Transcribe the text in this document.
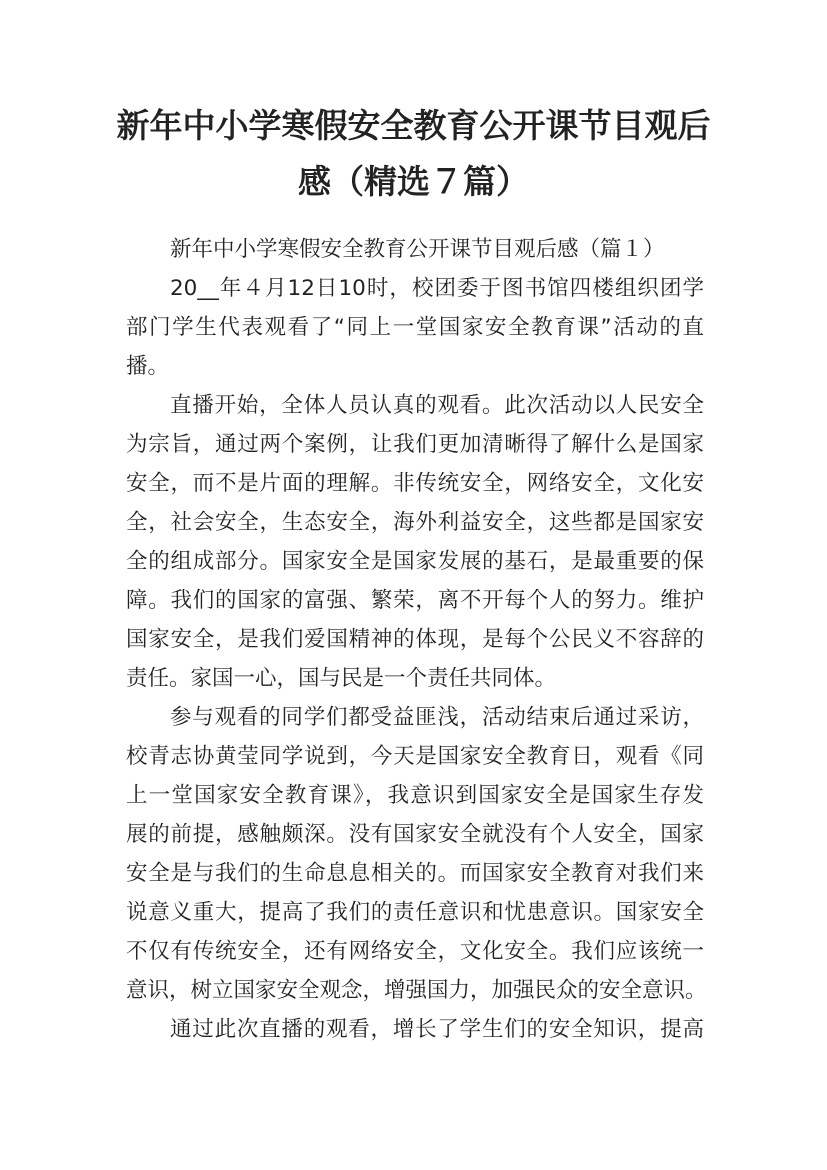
新年中小学寒假安全教育公开课节目观后
感（精选７篇）
新年中小学寒假安全教育公开课节目观后感（篇１）
20__年４月12日10时，校团委于图书馆四楼组织团学
部门学生代表观看了“同上一堂国家安全教育课”活动的直
播。
直播开始，全体人员认真的观看。此次活动以人民安全
为宗旨，通过两个案例，让我们更加清晰得了解什么是国家
安全，而不是片面的理解。非传统安全，网络安全，文化安
全，社会安全，生态安全，海外利益安全，这些都是国家安
全的组成部分。国家安全是国家发展的基石，是最重要的保
障。我们的国家的富强、繁荣，离不开每个人的努力。维护
国家安全，是我们爱国精神的体现，是每个公民义不容辞的
责任。家国一心，国与民是一个责任共同体。
参与观看的同学们都受益匪浅，活动结束后通过采访，
校青志协黄莹同学说到，今天是国家安全教育日，观看《同
上一堂国家安全教育课》，我意识到国家安全是国家生存发
展的前提，感触颇深。没有国家安全就没有个人安全，国家
安全是与我们的生命息息相关的。而国家安全教育对我们来
说意义重大，提高了我们的责任意识和忧患意识。国家安全
不仅有传统安全，还有网络安全，文化安全。我们应该统一
意识，树立国家安全观念，增强国力，加强民众的安全意识。
通过此次直播的观看，增长了学生们的安全知识，提高
